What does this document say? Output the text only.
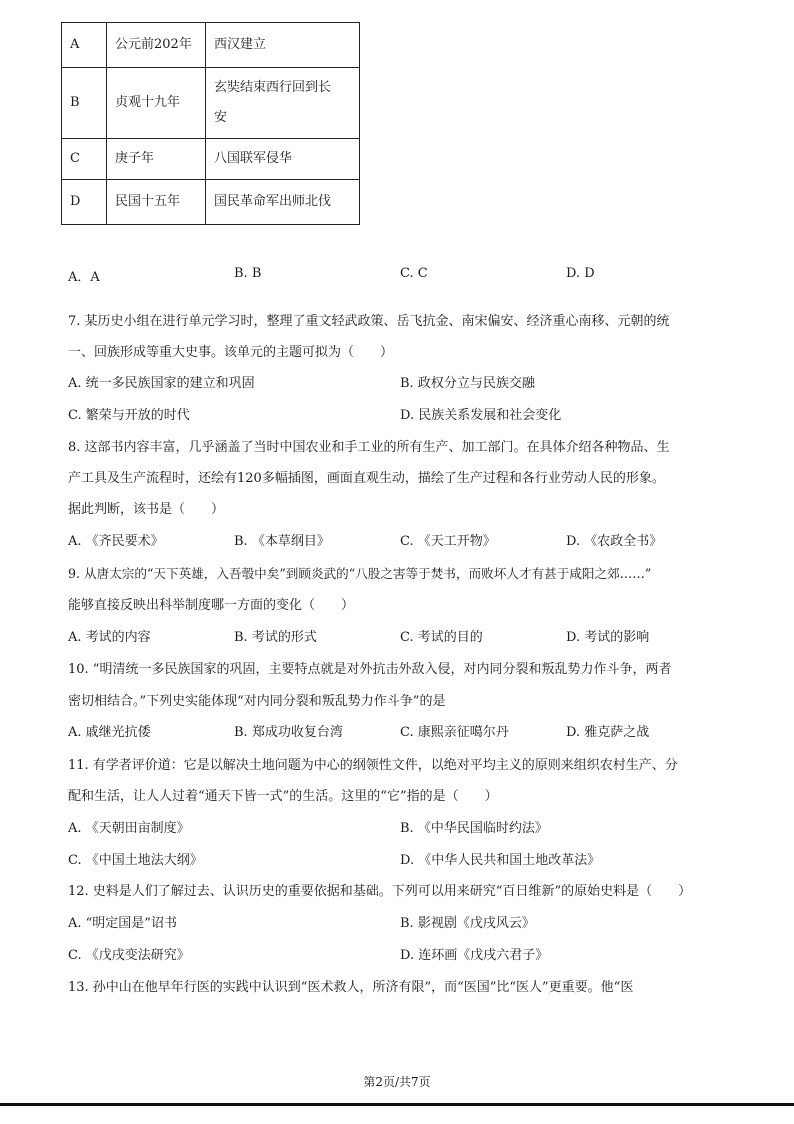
A	公元前202年	西汉建立
B	贞观十九年	玄奘结束西行回到长
安

C	庚子年	八国联军侵华
D	民国十五年	国民革命军出师北伐
A．A	B. B	C. C	D. D
7. 某历史小组在进行单元学习时，整理了重文轻武政策、岳飞抗金、南宋偏安、经济重心南移、元朝的统
一、回族形成等重大史事。该单元的主题可拟为（　　）
A. 统一多民族国家的建立和巩固	B. 政权分立与民族交融
C. 繁荣与开放的时代	D. 民族关系发展和社会变化
8. 这部书内容丰富，几乎涵盖了当时中国农业和手工业的所有生产、加工部门。在具体介绍各种物品、生
产工具及生产流程时，还绘有120多幅插图，画面直观生动，描绘了生产过程和各行业劳动人民的形象。
据此判断，该书是（　　）
A. 《齐民要术》	B. 《本草纲目》	C. 《天工开物》	D. 《农政全书》
9. 从唐太宗的“天下英雄，入吾彀中矣”到顾炎武的“八股之害等于焚书，而败坏人才有甚于咸阳之郊……”
能够直接反映出科举制度哪一方面的变化（　　）
A. 考试的内容	B. 考试的形式	C. 考试的目的	D. 考试的影响
10. “明清统一多民族国家的巩固，主要特点就是对外抗击外敌入侵，对内同分裂和叛乱势力作斗争，两者
密切相结合。”下列史实能体现“对内同分裂和叛乱势力作斗争”的是
A. 戚继光抗倭	B. 郑成功收复台湾	C. 康熙亲征噶尔丹	D. 雅克萨之战
11. 有学者评价道：它是以解决土地问题为中心的纲领性文件，以绝对平均主义的原则来组织农村生产、分
配和生活，让人人过着“通天下皆一式”的生活。这里的“它”指的是（　　）
A. 《天朝田亩制度》	B. 《中华民国临时约法》
C. 《中国土地法大纲》	D. 《中华人民共和国土地改革法》
12. 史料是人们了解过去、认识历史的重要依据和基础。下列可以用来研究“百日维新”的原始史料是（　　）
A. “明定国是”诏书	B. 影视剧《戊戌风云》
C. 《戊戌变法研究》	D. 连环画《戊戌六君子》
13. 孙中山在他早年行医的实践中认识到“医术救人，所济有限”，而“医国”比“医人”更重要。他“医
第2页/共7页
